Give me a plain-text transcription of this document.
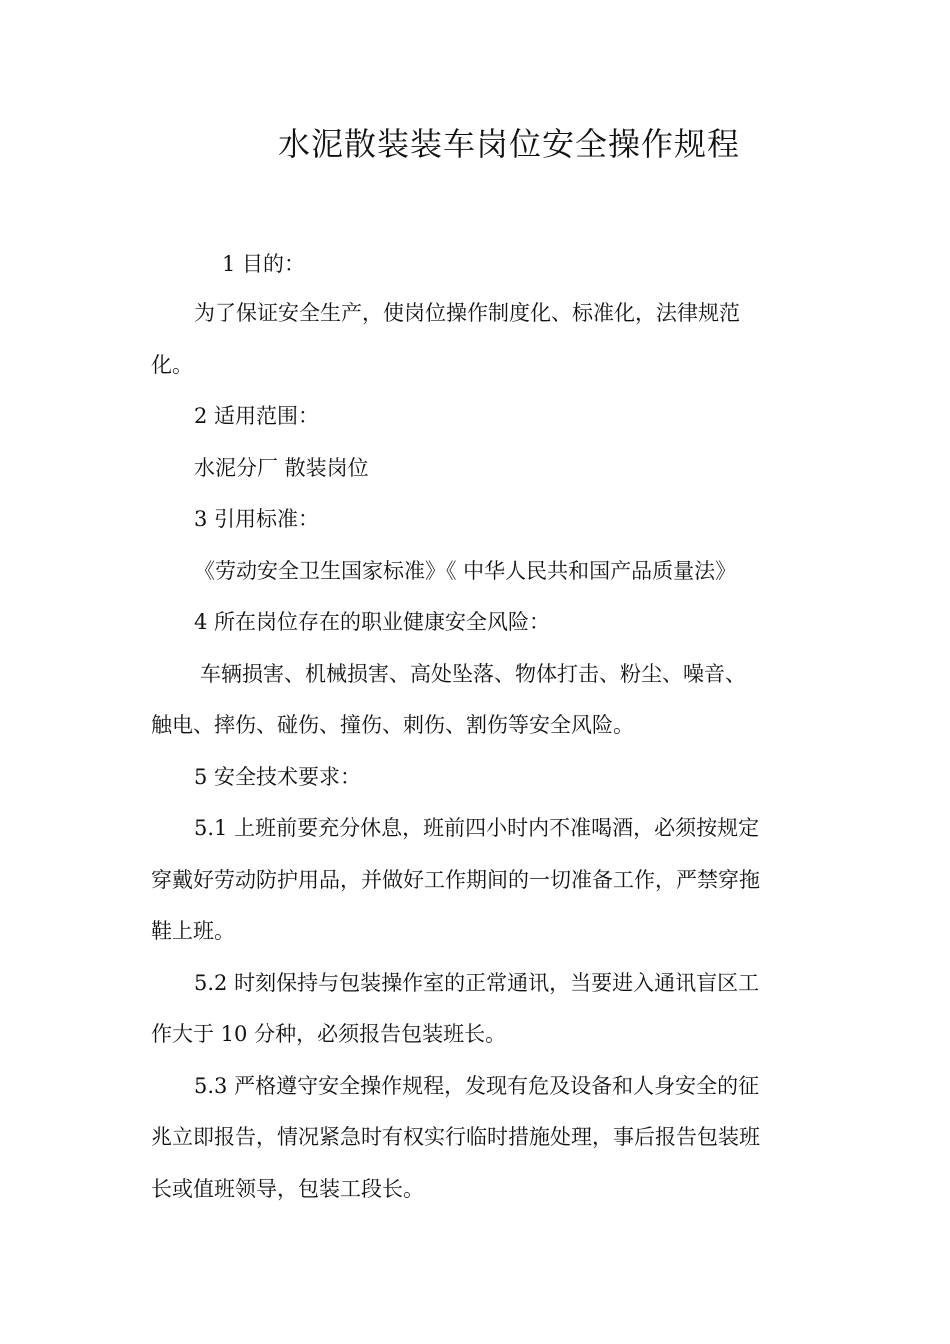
水泥散装装车岗位安全操作规程

1 目的：

为了保证安全生产，使岗位操作制度化、标准化，法律规范

化。

2 适用范围：

水泥分厂 散装岗位

3 引用标准：

《劳动安全卫生国家标准》《 中华人民共和国产品质量法》

4 所在岗位存在的职业健康安全风险：

车辆损害、机械损害、高处坠落、物体打击、粉尘、噪音、

触电、摔伤、碰伤、撞伤、刺伤、割伤等安全风险。

5 安全技术要求：

5.1 上班前要充分休息，班前四小时内不准喝酒，必须按规定

穿戴好劳动防护用品，并做好工作期间的一切准备工作，严禁穿拖

鞋上班。

5.2 时刻保持与包装操作室的正常通讯，当要进入通讯盲区工

作大于 10 分种，必须报告包装班长。

5.3 严格遵守安全操作规程，发现有危及设备和人身安全的征

兆立即报告，情况紧急时有权实行临时措施处理，事后报告包装班

长或值班领导，包装工段长。
